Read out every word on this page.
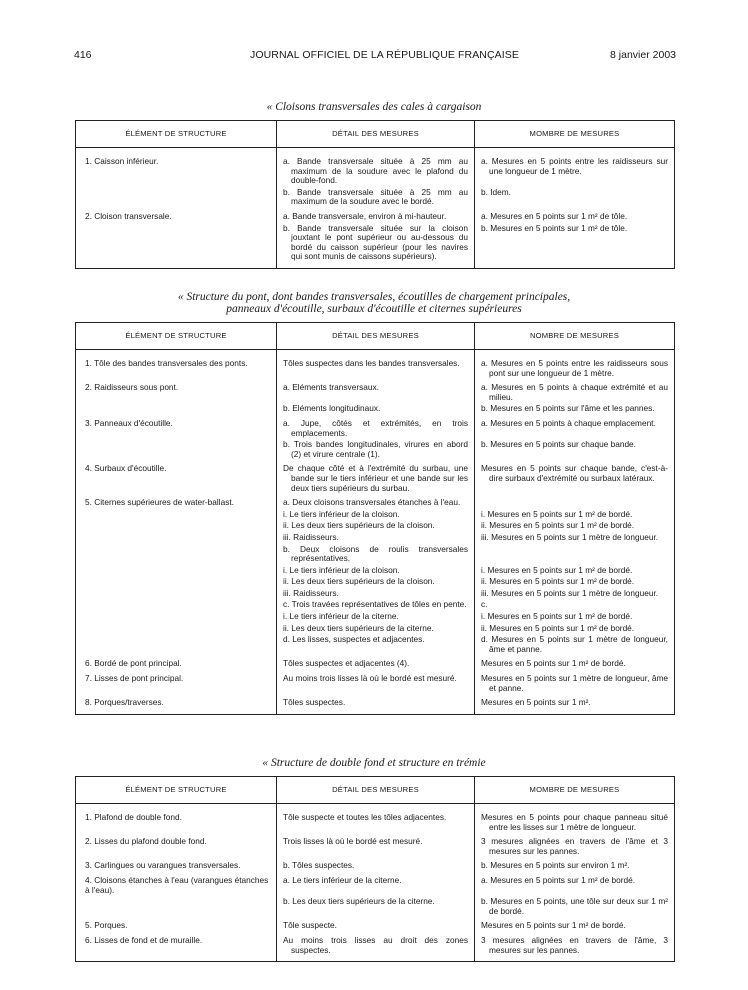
416	JOURNAL OFFICIEL DE LA RÉPUBLIQUE FRANÇAISE	8 janvier 2003
« Cloisons transversales des cales à cargaison
ÉLÉMENT DE STRUCTURE	DÉTAIL DES MESURES	MOMBRE DE MESURES

1. Caisson inférieur.	a. Bande transversale située à 25 mm au maximum de la soudure avec le plafond du double-fond.	a. Mesures en 5 points entre les raidisseurs sur une longueur de 1 mètre.

	b. Bande transversale située à 25 mm au maximum de la soudure avec le bordé.	b. Idem.

2. Cloison transversale.	a. Bande transversale, environ à mi-hauteur.	a. Mesures en 5 points sur 1 m² de tôle.

	b. Bande transversale située sur la cloison jouxtant le pont supérieur ou au-dessous du bordé du caisson supérieur (pour les navires qui sont munis de caissons supérieurs).	b. Mesures en 5 points sur 1 m² de tôle.
« Structure du pont, dont bandes transversales, écoutilles de chargement principales,
panneaux d'écoutille, surbaux d'écoutille et citernes supérieures
ÉLÉMENT DE STRUCTURE	DÉTAIL DES MESURES	NOMBRE DE MESURES

1. Tôle des bandes transversales des ponts.	Tôles suspectes dans les bandes transversales.	a. Mesures en 5 points entre les raidisseurs sous pont sur une longueur de 1 mètre.

2. Raidisseurs sous pont.	a. Eléments transversaux.	a. Mesures en 5 points à chaque extrémité et au milieu.

	b. Eléments longitudinaux.	b. Mesures en 5 points sur l'âme et les pannes.

3. Panneaux d'écoutille.	a. Jupe, côtés et extrémités, en trois emplacements.	a. Mesures en 5 points à chaque emplacement.

	b. Trois bandes longitudinales, virures en abord (2) et virure centrale (1).	b. Mesures en 5 points sur chaque bande.

4. Surbaux d'écoutille.	De chaque côté et à l'extrémité du surbau, une bande sur le tiers inférieur et une bande sur les deux tiers supérieurs du surbau.	Mesures en 5 points sur chaque bande, c'est-à-dire surbaux d'extrémité ou surbaux latéraux.

5. Citernes supérieures de water-ballast.	a. Deux cloisons transversales étanches à l'eau.	

	i. Le tiers inférieur de la cloison.	i. Mesures en 5 points sur 1 m² de bordé.

	ii. Les deux tiers supérieurs de la cloison.	ii. Mesures en 5 points sur 1 m² de bordé.

	iii. Raidisseurs.	iii. Mesures en 5 points sur 1 mètre de longueur.

	b. Deux cloisons de roulis transversales représentatives.	

	i. Le tiers inférieur de la cloison.	i. Mesures en 5 points sur 1 m² de bordé.

	ii. Les deux tiers supérieurs de la cloison.	ii. Mesures en 5 points sur 1 m² de bordé.

	iii. Raidisseurs.	iii. Mesures en 5 points sur 1 mètre de longueur.

	c. Trois travées représentatives de tôles en pente.	c.

	i. Le tiers inférieur de la citerne.	i. Mesures en 5 points sur 1 m² de bordé.

	ii. Les deux tiers supérieurs de la citerne.	ii. Mesures en 5 points sur 1 m² de bordé.

	d. Les lisses, suspectes et adjacentes.	d. Mesures en 5 points sur 1 mètre de longueur, âme et panne.

6. Bordé de pont principal.	Tôles suspectes et adjacentes (4).	Mesures en 5 points sur 1 m² de bordé.

7. Lisses de pont principal.	Au moins trois lisses là où le bordé est mesuré.	Mesures en 5 points sur 1 mètre de longueur, âme et panne.

8. Porques/traverses.	Tôles suspectes.	Mesures en 5 points sur 1 m².
« Structure de double fond et structure en trémie
ÉLÉMENT DE STRUCTURE	DÉTAIL DES MESURES	MOMBRE DE MESURES

1. Plafond de double fond.	Tôle suspecte et toutes les tôles adjacentes.	Mesures en 5 points pour chaque panneau situé entre les lisses sur 1 mètre de longueur.

2. Lisses du plafond double fond.	Trois lisses là où le bordé est mesuré.	3 mesures alignées en travers de l'âme et 3 mesures sur les pannes.

3. Carlingues ou varangues transversales.	b. Tôles suspectes.	b. Mesures en 5 points sur environ 1 m².

4. Cloisons étanches à l'eau (varangues étanches à l'eau).	a. Le tiers inférieur de la citerne.	a. Mesures en 5 points sur 1 m² de bordé.

	b. Les deux tiers supérieurs de la citerne.	b. Mesures en 5 points, une tôle sur deux sur 1 m² de bordé.

5. Porques.	Tôle suspecte.	Mesures en 5 points sur 1 m² de bordé.

6. Lisses de fond et de muraille.	Au moins trois lisses au droit des zones suspectes.	3 mesures alignées en travers de l'âme, 3 mesures sur les pannes.
